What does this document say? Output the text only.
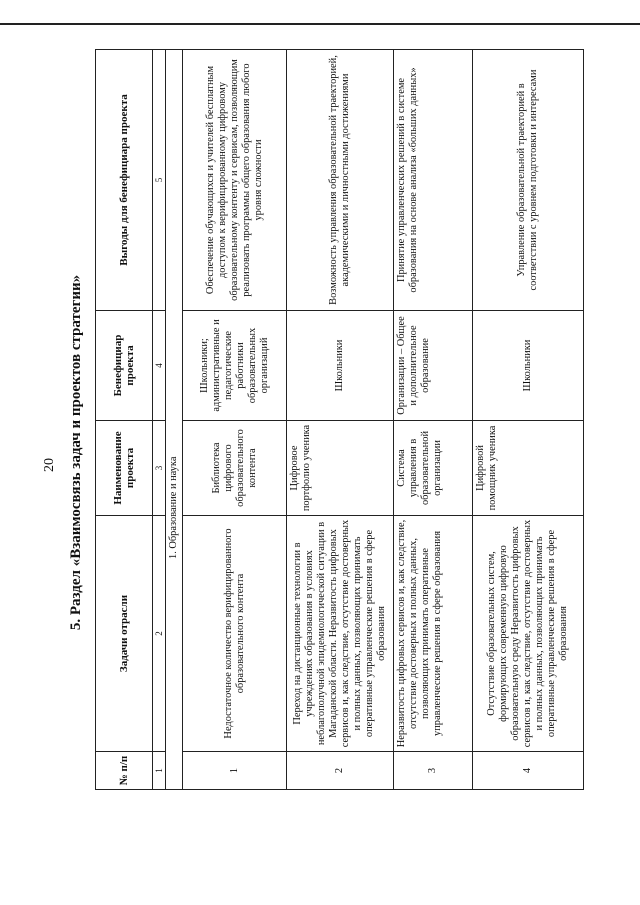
20 5. Раздел «Взаимосвязь задач и проектов стратегии»
№ п/п	Задачи отрасли	Наименование проекта	Бенефициар проекта	Выгоды для бенефициара проекта
1	2	3	4	5
1. Образование и наука				
1	Недостаточное количество верифицированного образовательного контента	Библиотека цифрового образовательного контента	Школьники; административные и педагогические работники образовательных организаций	Обеспечение обучающихся и учителей бесплатным доступом к верифицированному цифровому образовательному контенту и сервисам, позволяющим реализовать программы общего образования любого уровня сложности
2	Переход на дистанционные технологии в учреждениях образования в условиях неблагополучной эпидемиологической ситуации в Магаданской области. Неразвитость цифровых сервисов и, как следствие, отсутствие достоверных и полных данных, позволяющих принимать оперативные управленческие решения в сфере образования	Цифровое портфолио ученика	Школьники	Возможность управления образовательной траекторией, академическими и личностными достижениями
3	Неразвитость цифровых сервисов и, как следствие, отсутствие достоверных и полных данных, позволяющих принимать оперативные управленческие решения в сфере образования	Система управления в образовательной организации	Организации – Общее и дополнительное образование	Принятие управленческих решений в системе образования на основе анализа «больших данных»
4	Отсутствие образовательных систем, формирующих современную цифровую образовательную среду Неразвитость цифровых сервисов и, как следствие, отсутствие достоверных и полных данных, позволяющих принимать оперативные управленческие решения в сфере образования	Цифровой помощник ученика	Школьники	Управление образовательной траекторией в соответствии с уровнем подготовки и интересами
